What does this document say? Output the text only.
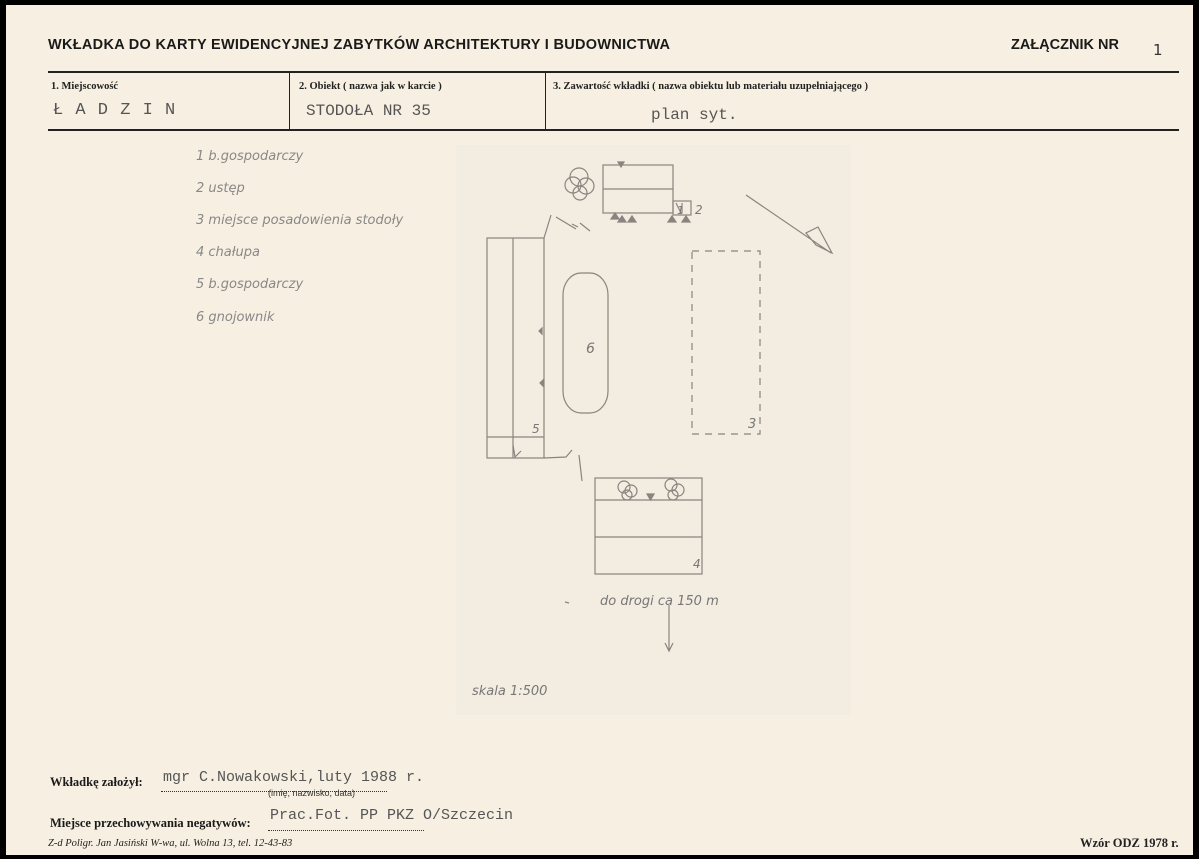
WKŁADKA DO KARTY EWIDENCYJNEJ ZABYTKÓW ARCHITEKTURY I BUDOWNICTWA	ZAŁĄCZNIK NR 1
1. Miejscowość
Ł A D Z I N
2. Obiekt ( nazwa jak w karcie )
STODOŁA NR 35
3. Zawartość wkładki ( nazwa obiektu lub materiału uzupełniającego )
plan syt.
1 b.gospodarczy
2 ustęp
3 miejsce posadowienia stodoły
4 chałupa
5 b.gospodarczy
6 gnojownik
1 2
3
4
5
6
do drogi ca 150 m
skala 1:500
Wkładkę założył: mgr C.Nowakowski,luty 1988 r.
(imię, nazwisko, data)
Miejsce przechowywania negatywów: Prac.Fot. PP PKZ O/Szczecin
Z-d Poligr. Jan Jasiński W-wa, ul. Wolna 13, tel. 12-43-83	Wzór ODZ 1978 r.
